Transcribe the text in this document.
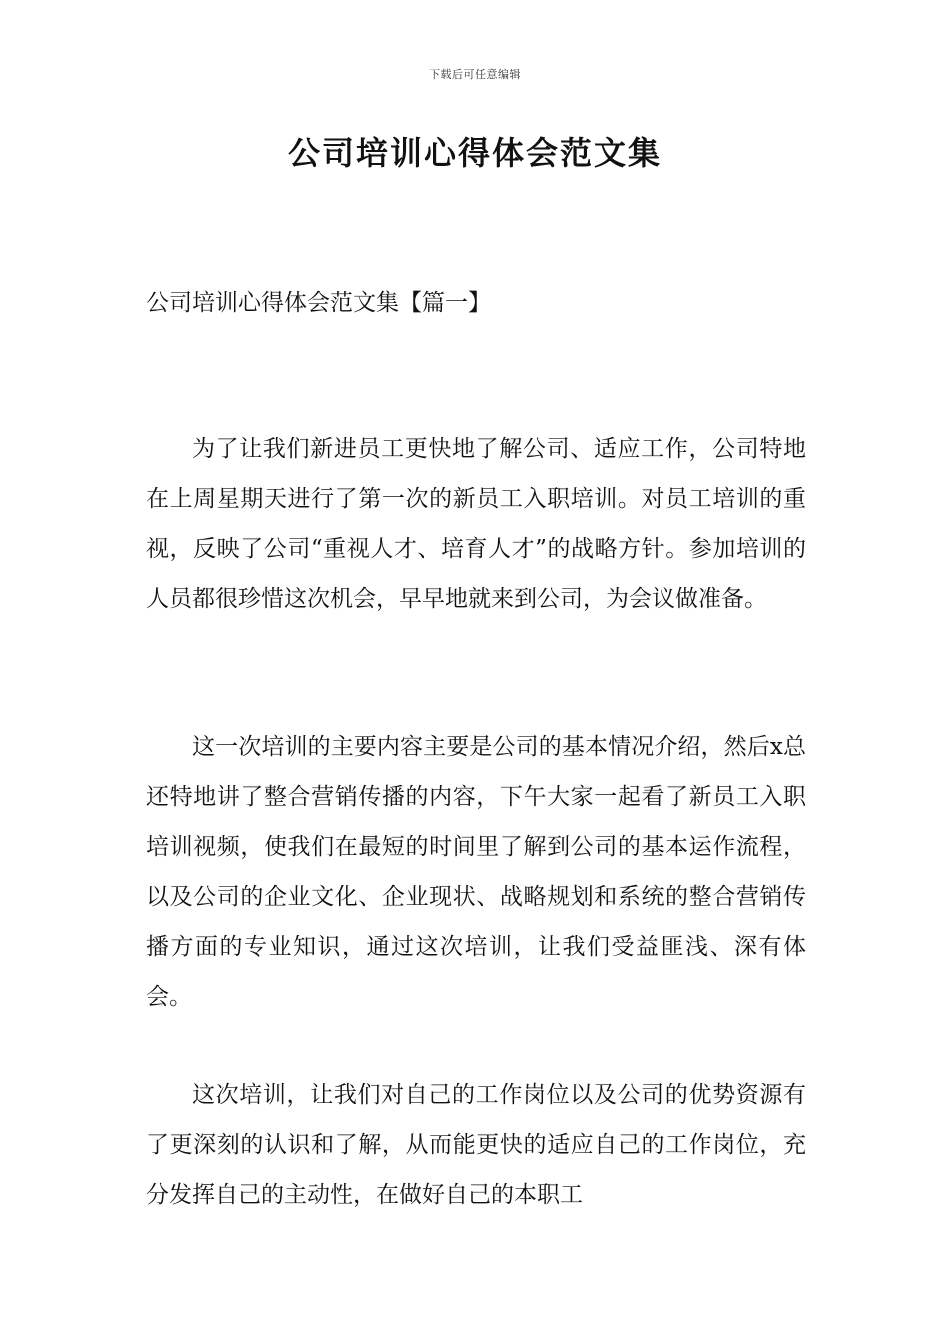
下载后可任意编辑
公司培训心得体会范文集
公司培训心得体会范文集【篇一】

为了让我们新进员工更快地了解公司、适应工作，公司特地在上周星期天进行了第一次的新员工入职培训。对员工培训的重视，反映了公司“重视人才、培育人才”的战略方针。参加培训的人员都很珍惜这次机会，早早地就来到公司，为会议做准备。

这一次培训的主要内容主要是公司的基本情况介绍，然后x总还特地讲了整合营销传播的内容，下午大家一起看了新员工入职培训视频，使我们在最短的时间里了解到公司的基本运作流程，以及公司的企业文化、企业现状、战略规划和系统的整合营销传播方面的专业知识，通过这次培训，让我们受益匪浅、深有体会。

这次培训，让我们对自己的工作岗位以及公司的优势资源有了更深刻的认识和了解，从而能更快的适应自己的工作岗位，充分发挥自己的主动性，在做好自己的本职工
